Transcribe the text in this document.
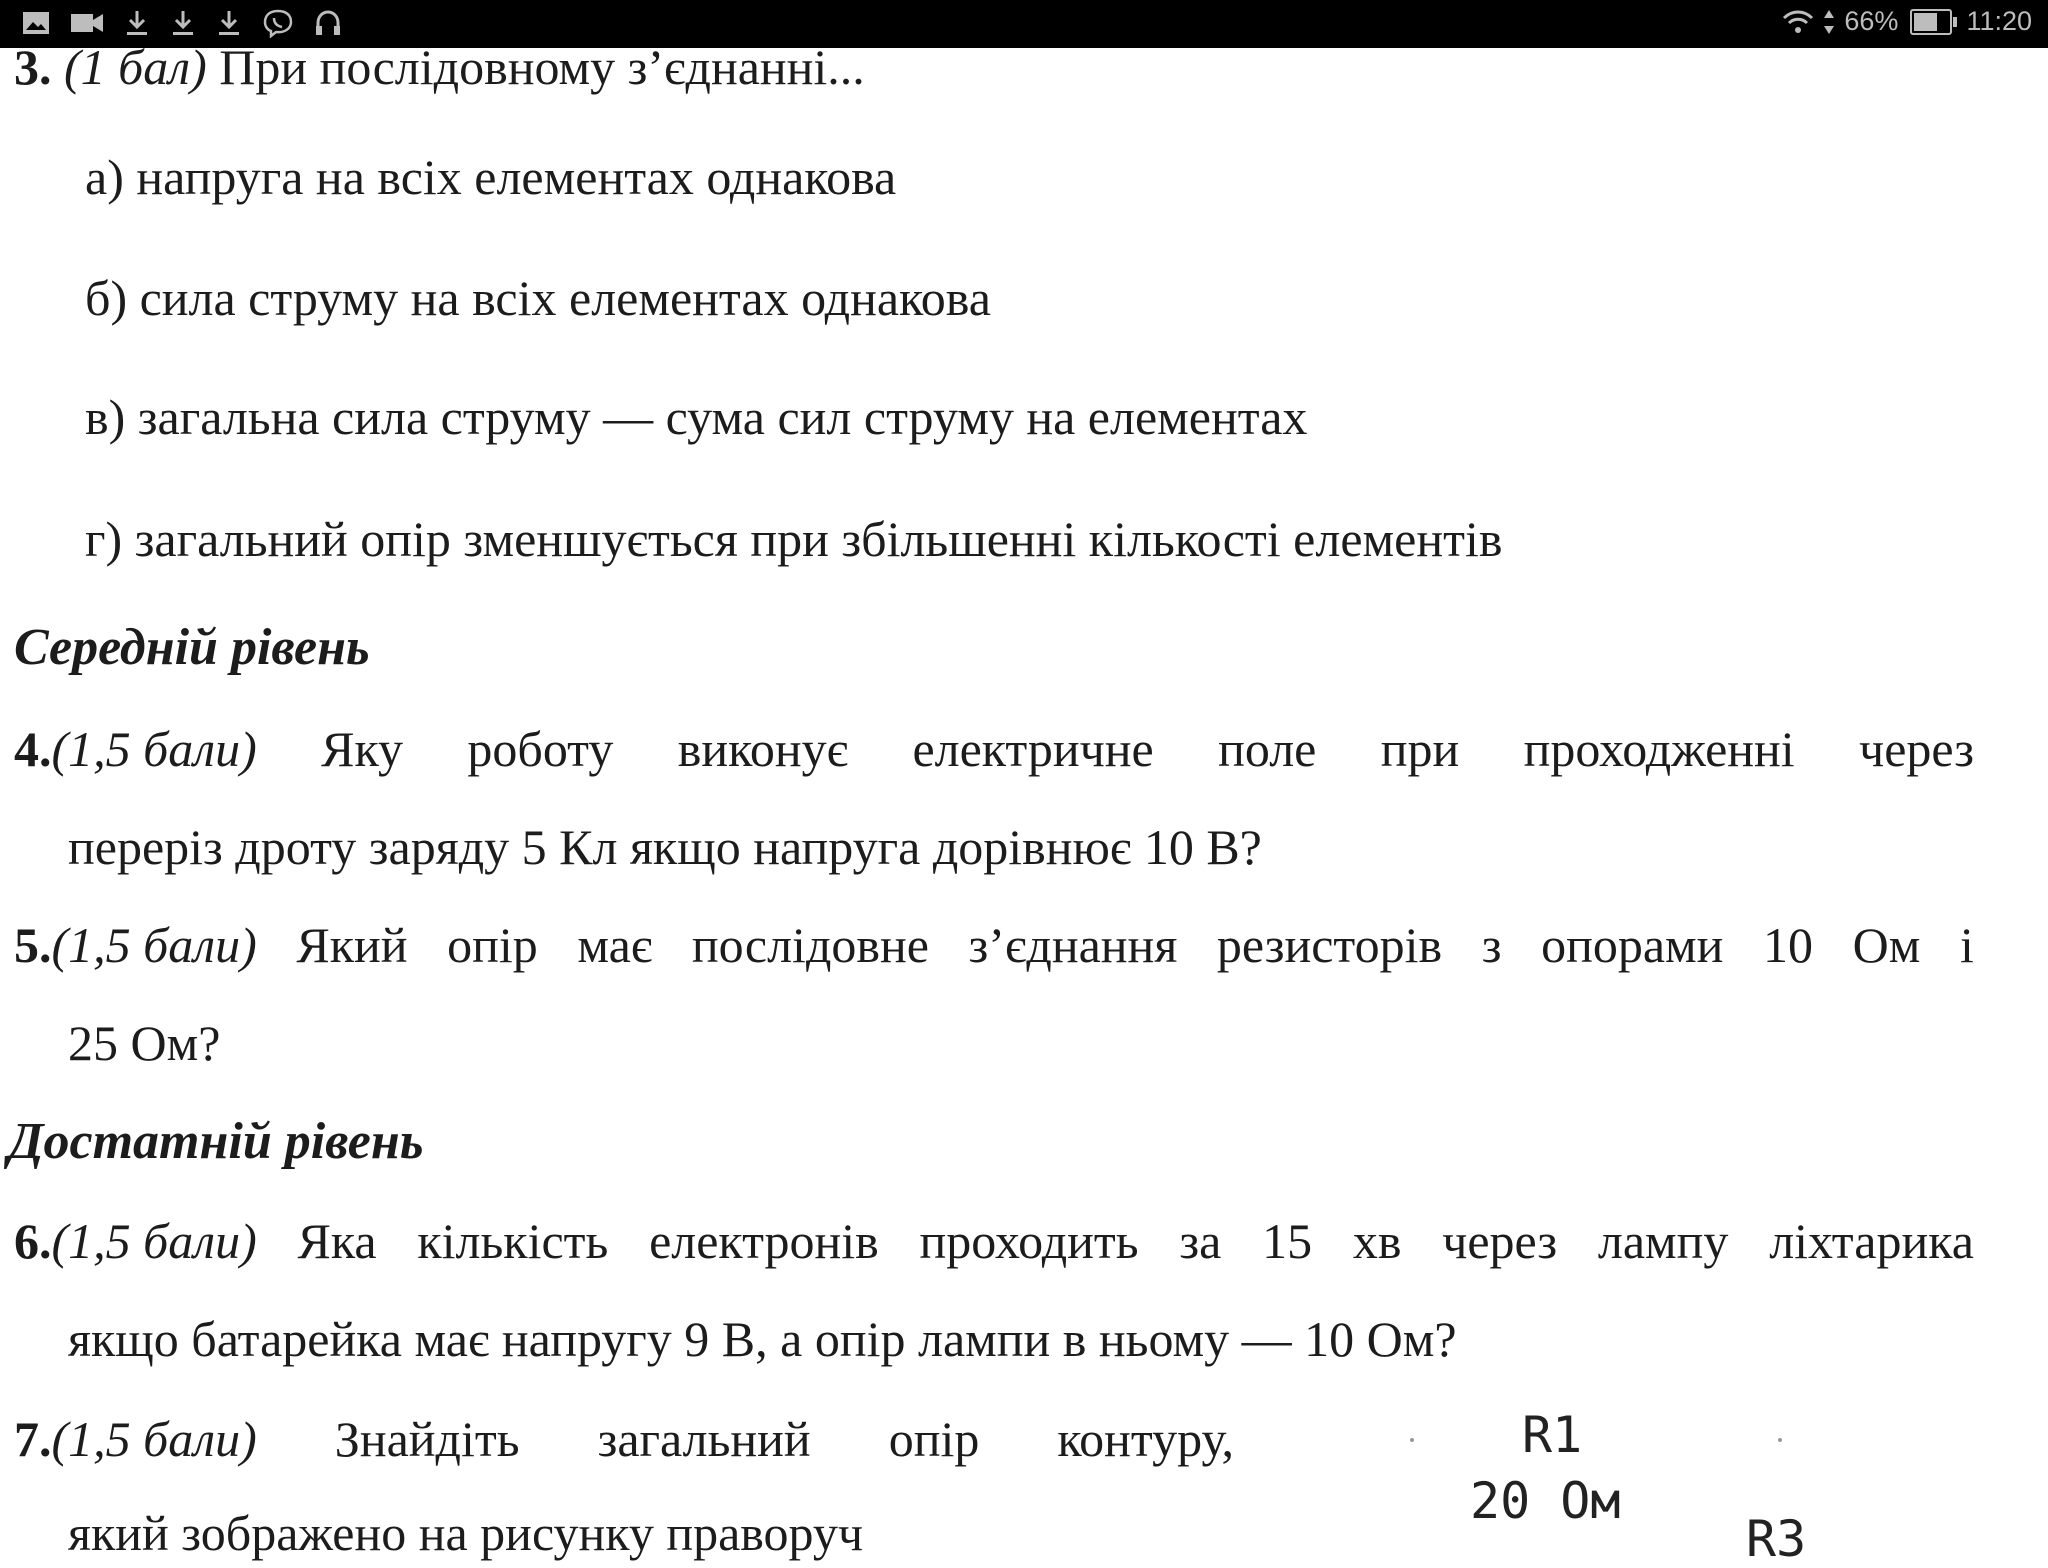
66%	11:20
3. (1 бал) При послідовному з’єднанні...
а) напруга на всіх елементах однакова
б) сила струму на всіх елементах однакова
в) загальна сила струму — сума сил струму на елементах
г) загальний опір зменшується при збільшенні кількості елементів
Середній рівень
4.(1,5 бали) Яку роботу виконує електричне поле при проходженні через
переріз дроту заряду 5 Кл якщо напруга дорівнює 10 В?
5.(1,5 бали) Який опір має послідовне з’єднання резисторів з опорами 10 Ом і
25 Ом?
Достатній рівень
6.(1,5 бали) Яка кількість електронів проходить за 15 хв через лампу ліхтарика
якщо батарейка має напругу 9 В, а опір лампи в ньому — 10 Ом?
7.(1,5 бали) Знайдіть загальний опір контуру,
який зображено на рисунку праворуч
R1
20 Ом
R3
